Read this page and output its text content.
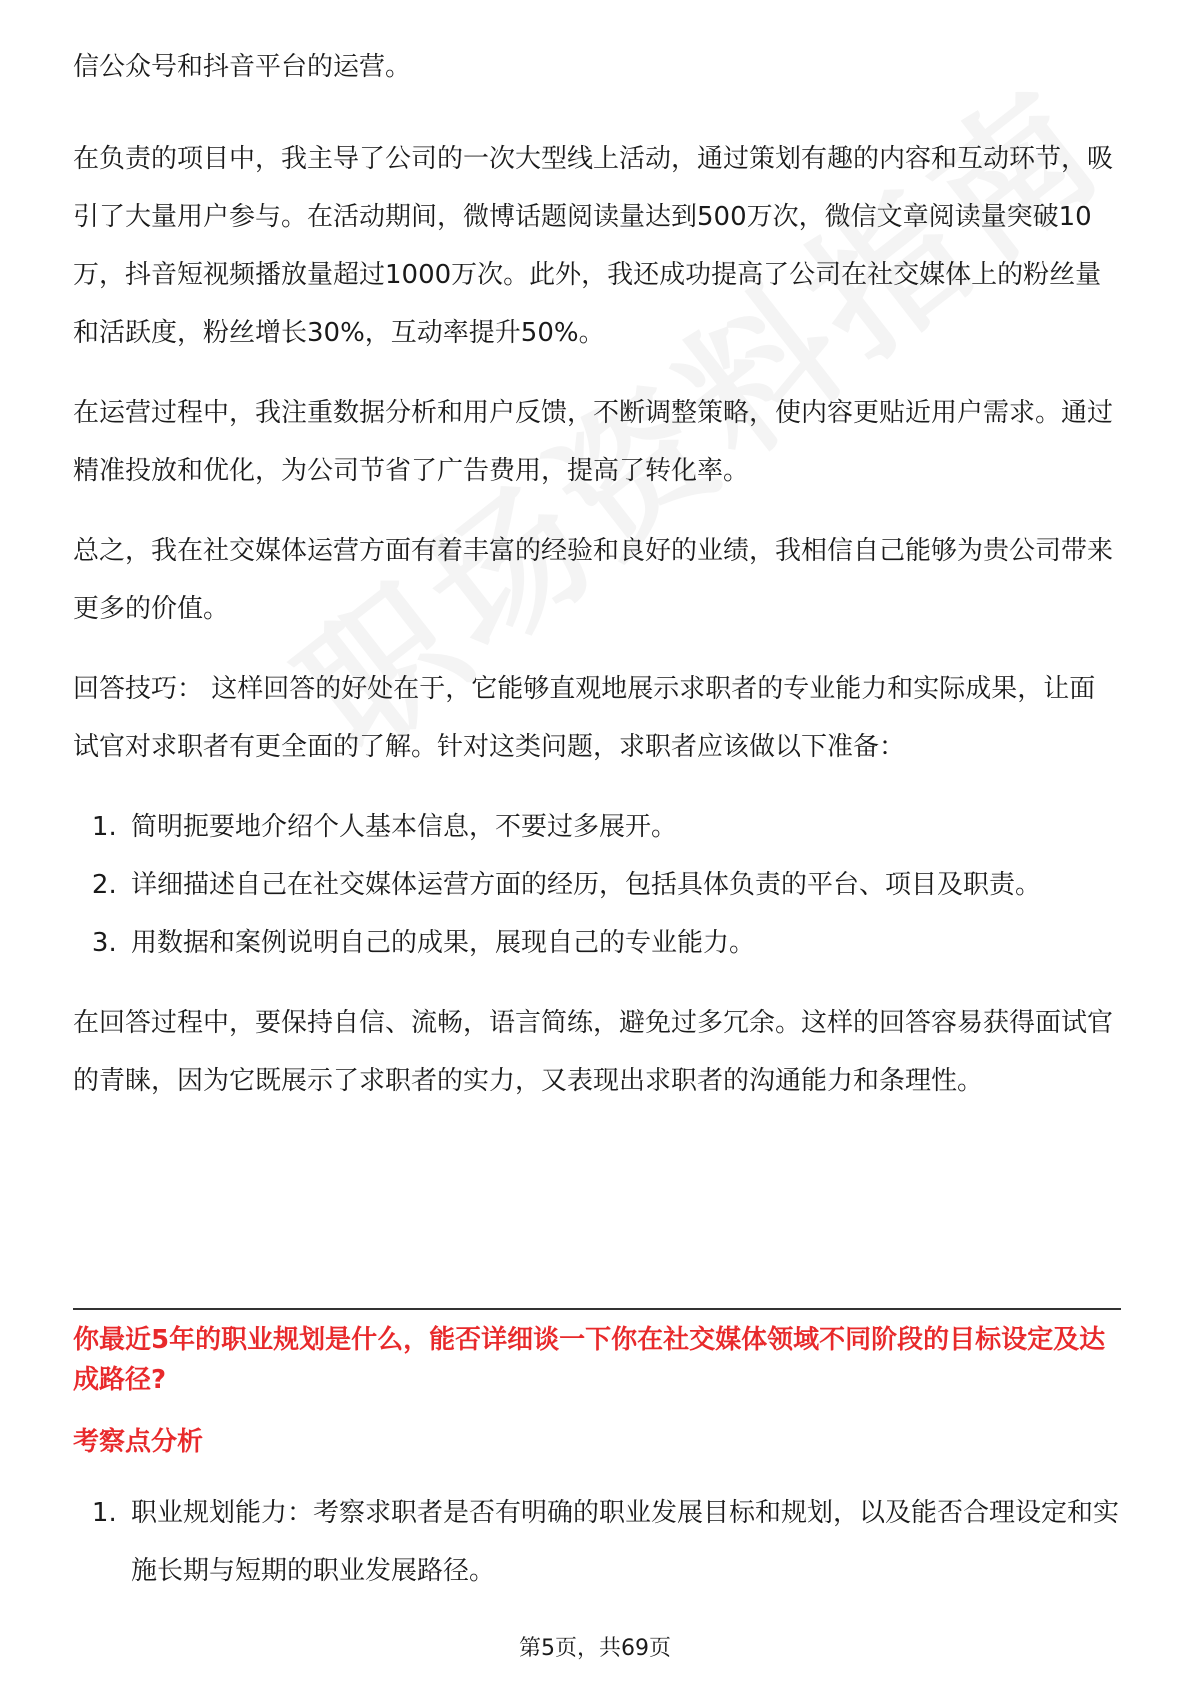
信公众号和抖音平台的运营。

在负责的项目中，我主导了公司的一次大型线上活动，通过策划有趣的内容和互动环节，吸引了大量用户参与。在活动期间，微博话题阅读量达到500万次，微信文章阅读量突破10万，抖音短视频播放量超过1000万次。此外，我还成功提高了公司在社交媒体上的粉丝量和活跃度，粉丝增长30%，互动率提升50%。

在运营过程中，我注重数据分析和用户反馈，不断调整策略，使内容更贴近用户需求。通过精准投放和优化，为公司节省了广告费用，提高了转化率。

总之，我在社交媒体运营方面有着丰富的经验和良好的业绩，我相信自己能够为贵公司带来更多的价值。

回答技巧： 这样回答的好处在于，它能够直观地展示求职者的专业能力和实际成果，让面试官对求职者有更全面的了解。针对这类问题，求职者应该做以下准备：

1. 简明扼要地介绍个人基本信息，不要过多展开。
2. 详细描述自己在社交媒体运营方面的经历，包括具体负责的平台、项目及职责。
3. 用数据和案例说明自己的成果，展现自己的专业能力。

在回答过程中，要保持自信、流畅，语言简练，避免过多冗余。这样的回答容易获得面试官的青睐，因为它既展示了求职者的实力，又表现出求职者的沟通能力和条理性。

你最近5年的职业规划是什么，能否详细谈一下你在社交媒体领域不同阶段的目标设定及达成路径?
考察点分析
1. 职业规划能力：考察求职者是否有明确的职业发展目标和规划，以及能否合理设定和实施长期与短期的职业发展路径。
第5页，共69页
